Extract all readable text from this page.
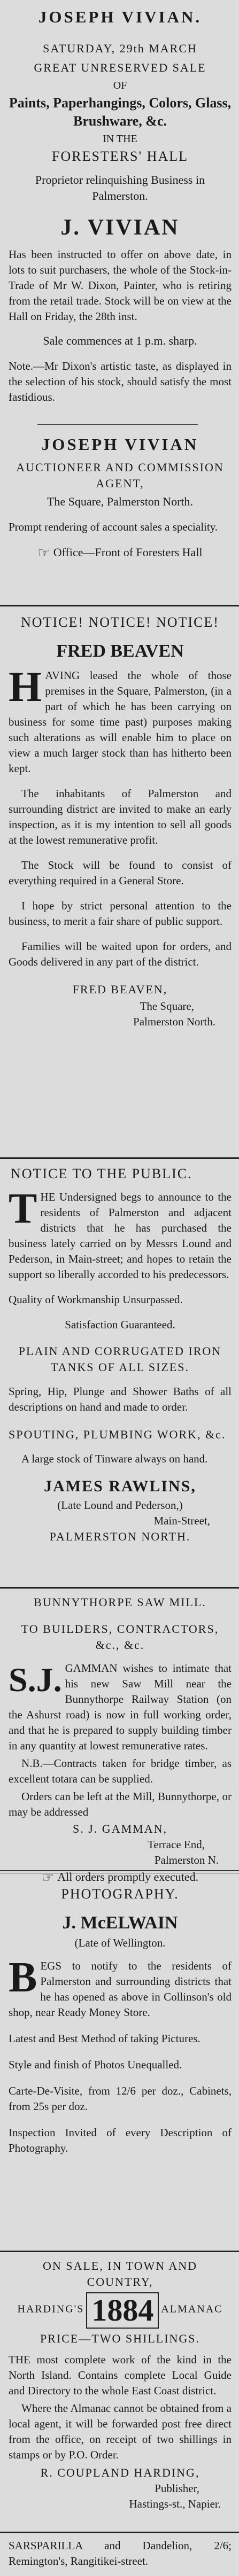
JOSEPH VIVIAN.
SATURDAY, 29th MARCH
GREAT UNRESERVED SALE
OF
Paints, Paperhangings, Colors, Glass, Brushware, &c.
IN THE
FORESTERS' HALL
Proprietor relinquishing Business in Palmerston.
J. VIVIAN
Has been instructed to offer on above date, in lots to suit purchasers, the whole of the Stock-in-Trade of Mr W. Dixon, Painter, who is retiring from the retail trade. Stock will be on view at the Hall on Friday, the 28th inst.
Sale commences at 1 p.m. sharp.
Note.—Mr Dixon's artistic taste, as displayed in the selection of his stock, should satisfy the most fastidious.
JOSEPH VIVIAN
AUCTIONEER AND COMMISSION AGENT,
The Square, Palmerston North.
Prompt rendering of account sales a speciality.
☞ Office—Front of Foresters Hall
NOTICE! NOTICE! NOTICE!
FRED BEAVEN
HAVING leased the whole of those premises in the Square, Palmerston, (in a part of which he has been carrying on business for some time past) purposes making such alterations as will enable him to place on view a much larger stock than has hitherto been kept.
The inhabitants of Palmerston and surrounding district are invited to make an early inspection, as it is my intention to sell all goods at the lowest remunerative profit.
The Stock will be found to consist of everything required in a General Store.
I hope by strict personal attention to the business, to merit a fair share of public support.
Families will be waited upon for orders, and Goods delivered in any part of the district.
FRED BEAVEN,
The Square,
Palmerston North.
NOTICE TO THE PUBLIC.
THE Undersigned begs to announce to the residents of Palmerston and adjacent districts that he has purchased the business lately carried on by Messrs Lound and Pederson, in Main-street; and hopes to retain the support so liberally accorded to his predecessors.
Quality of Workmanship Unsurpassed.
Satisfaction Guaranteed.
PLAIN AND CORRUGATED IRON TANKS OF ALL SIZES.
Spring, Hip, Plunge and Shower Baths of all descriptions on hand and made to order.
SPOUTING, PLUMBING WORK, &c.
A large stock of Tinware always on hand.
JAMES RAWLINS,
(Late Lound and Pederson,)
Main-Street,
PALMERSTON NORTH.
BUNNYTHORPE SAW MILL.
TO BUILDERS, CONTRACTORS, &c., &c.
S.J. GAMMAN wishes to intimate that his new Saw Mill near the Bunnythorpe Railway Station (on the Ashurst road) is now in full working order, and that he is prepared to supply building timber in any quantity at lowest remunerative rates.
N.B.—Contracts taken for bridge timber, as excellent totara can be supplied.
Orders can be left at the Mill, Bunnythorpe, or may be addressed
S. J. GAMMAN,
Terrace End,
Palmerston N.
☞ All orders promptly executed.
PHOTOGRAPHY.
J. McELWAIN
(Late of Wellington.
BEGS to notify to the residents of Palmerston and surrounding districts that he has opened as above in Collinson's old shop, near Ready Money Store.
Latest and Best Method of taking Pictures.
Style and finish of Photos Unequalled.
Carte-De-Visite, from 12/6 per doz., Cabinets, from 25s per doz.
Inspection Invited of every Description of Photography.
ON SALE, IN TOWN AND COUNTRY,
HARDING'S 1884 ALMANAC
PRICE—TWO SHILLINGS.
THE most complete work of the kind in the North Island. Contains complete Local Guide and Directory to the whole East Coast district.
Where the Almanac cannot be obtained from a local agent, it will be forwarded post free direct from the office, on receipt of two shillings in stamps or by P.O. Order.
R. COUPLAND HARDING,
Publisher,
Hastings-st., Napier.
SARSPARILLA and Dandelion, 2/6; Remington's, Rangitikei-street.
